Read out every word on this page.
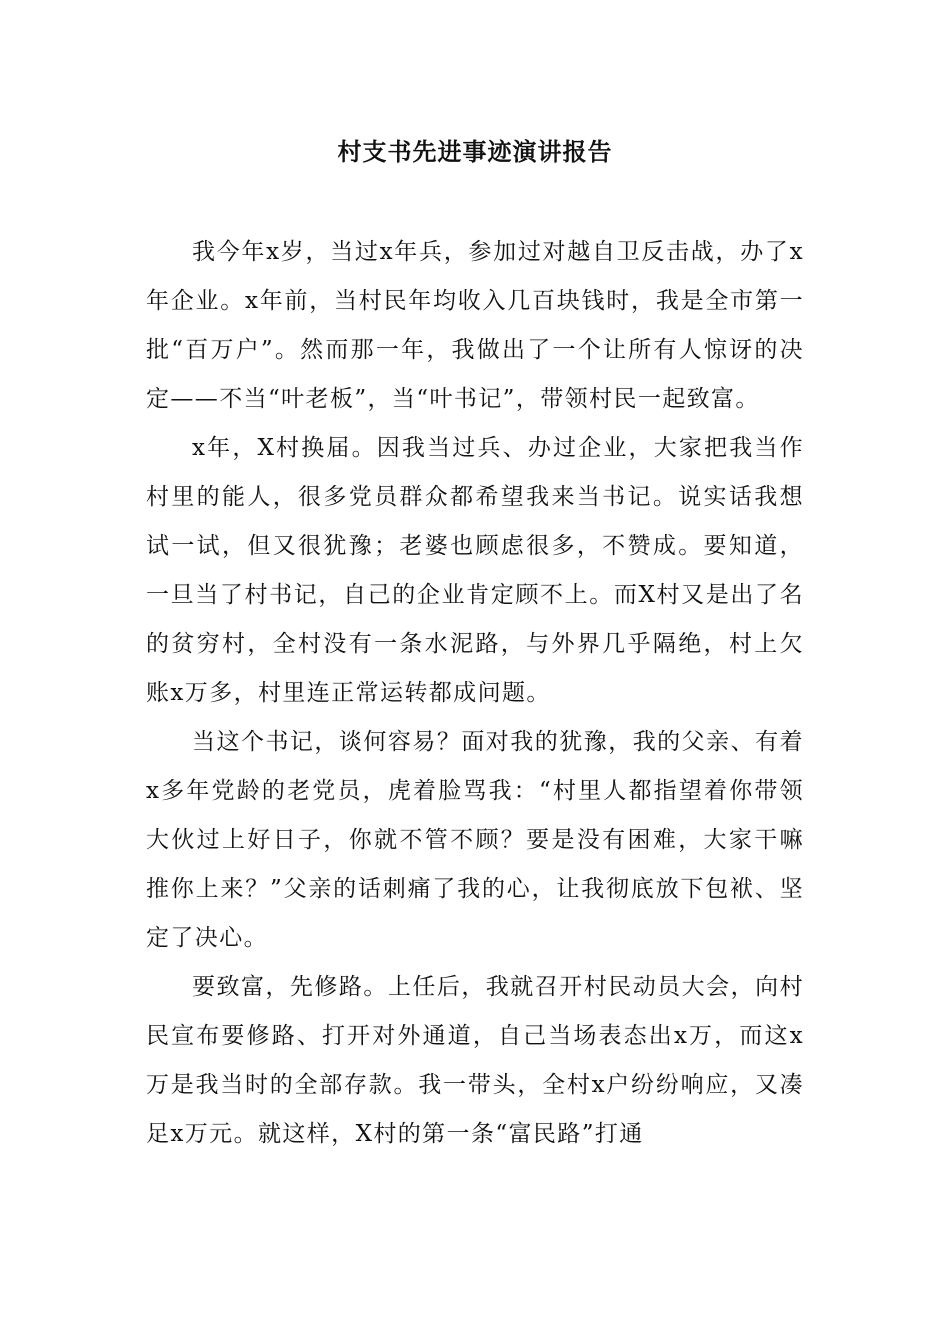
村支书先进事迹演讲报告

我今年x岁，当过x年兵，参加过对越自卫反击战，办了x年企业。x年前，当村民年均收入几百块钱时，我是全市第一批“百万户”。然而那一年，我做出了一个让所有人惊讶的决定——不当“叶老板”，当“叶书记”，带领村民一起致富。

x年，X村换届。因我当过兵、办过企业，大家把我当作村里的能人，很多党员群众都希望我来当书记。说实话我想试一试，但又很犹豫；老婆也顾虑很多，不赞成。要知道，一旦当了村书记，自己的企业肯定顾不上。而X村又是出了名的贫穷村，全村没有一条水泥路，与外界几乎隔绝，村上欠账x万多，村里连正常运转都成问题。

当这个书记，谈何容易？面对我的犹豫，我的父亲、有着x多年党龄的老党员，虎着脸骂我：“村里人都指望着你带领大伙过上好日子，你就不管不顾？要是没有困难，大家干嘛推你上来？”父亲的话刺痛了我的心，让我彻底放下包袱、坚定了决心。

要致富，先修路。上任后，我就召开村民动员大会，向村民宣布要修路、打开对外通道，自己当场表态出x万，而这x万是我当时的全部存款。我一带头，全村x户纷纷响应，又凑足x万元。就这样，X村的第一条“富民路”打通
